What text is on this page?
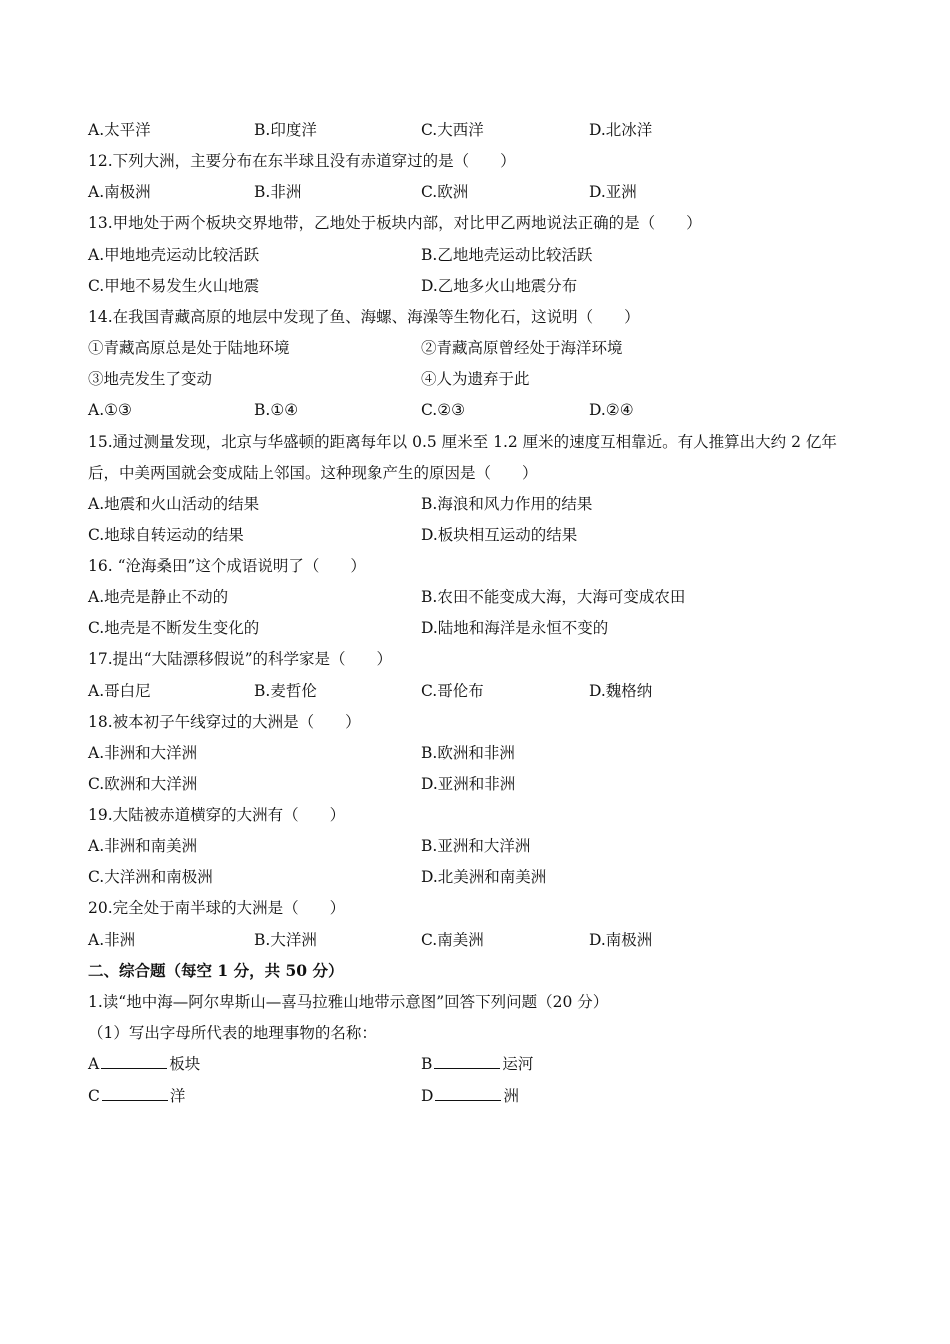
A.太平洋	B.印度洋	C.大西洋	D.北冰洋
12.下列大洲，主要分布在东半球且没有赤道穿过的是（　　）
A.南极洲	B.非洲	C.欧洲	D.亚洲
13.甲地处于两个板块交界地带，乙地处于板块内部，对比甲乙两地说法正确的是（　　）
A.甲地地壳运动比较活跃	B.乙地地壳运动比较活跃
C.甲地不易发生火山地震	D.乙地多火山地震分布
14.在我国青藏高原的地层中发现了鱼、海螺、海澡等生物化石，这说明（　　）
①青藏高原总是处于陆地环境	②青藏高原曾经处于海洋环境
③地壳发生了变动	④人为遗弃于此
A.①③	B.①④	C.②③	D.②④
15.通过测量发现，北京与华盛顿的距离每年以 0.5 厘米至 1.2 厘米的速度互相靠近。有人推算出大约 2 亿年
后，中美两国就会变成陆上邻国。这种现象产生的原因是（　　）
A.地震和火山活动的结果	B.海浪和风力作用的结果
C.地球自转运动的结果	D.板块相互运动的结果
16. “沧海桑田”这个成语说明了（　　）
A.地壳是静止不动的	B.农田不能变成大海，大海可变成农田
C.地壳是不断发生变化的	D.陆地和海洋是永恒不变的
17.提出“大陆漂移假说”的科学家是（　　）
A.哥白尼	B.麦哲伦	C.哥伦布	D.魏格纳
18.被本初子午线穿过的大洲是（　　）
A.非洲和大洋洲	B.欧洲和非洲
C.欧洲和大洋洲	D.亚洲和非洲
19.大陆被赤道横穿的大洲有（　　）
A.非洲和南美洲	B.亚洲和大洋洲
C.大洋洲和南极洲	D.北美洲和南美洲
20.完全处于南半球的大洲是（　　）
A.非洲	B.大洋洲	C.南美洲	D.南极洲
二、综合题（每空 1 分，共 50 分）
1.读“地中海—阿尔卑斯山—喜马拉雅山地带示意图”回答下列问题（20 分）
（1）写出字母所代表的地理事物的名称：
A	板块	B	运河
C	洋	D	洲
